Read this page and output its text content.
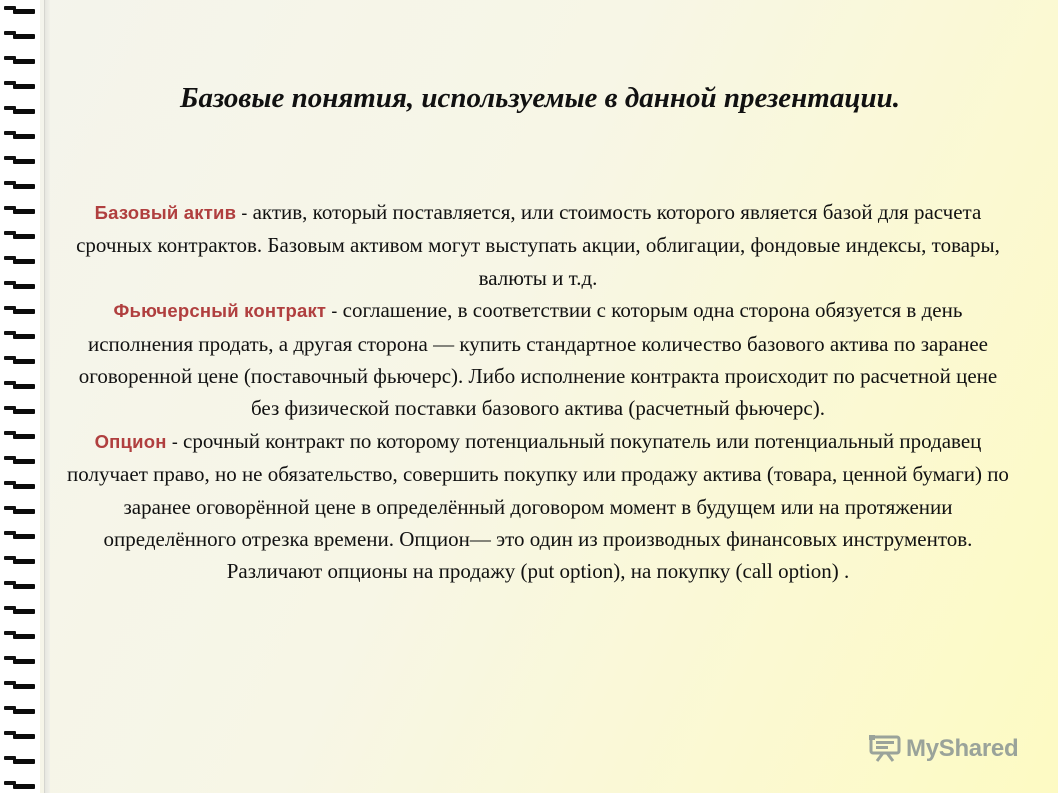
Базовые понятия, используемые в данной презентации.

Базовый актив - актив, который поставляется, или стоимость которого является базой для расчета срочных контрактов. Базовым активом могут выступать акции, облигации, фондовые индексы, товары, валюты и т.д.

Фьючерсный контракт - соглашение, в соответствии с которым одна сторона обязуется в день исполнения продать, а другая сторона — купить стандартное количество базового актива по заранее оговоренной цене (поставочный фьючерс). Либо исполнение контракта происходит по расчетной цене без физической поставки базового актива (расчетный фьючерс).

Опцион - срочный контракт по которому потенциальный покупатель или потенциальный продавец получает право, но не обязательство, совершить покупку или продажу актива (товара, ценной бумаги) по заранее оговорённой цене в определённый договором момент в будущем или на протяжении определённого отрезка времени. Опцион— это один из производных финансовых инструментов. Различают опционы на продажу (put option), на покупку (call option) .

MyShared
